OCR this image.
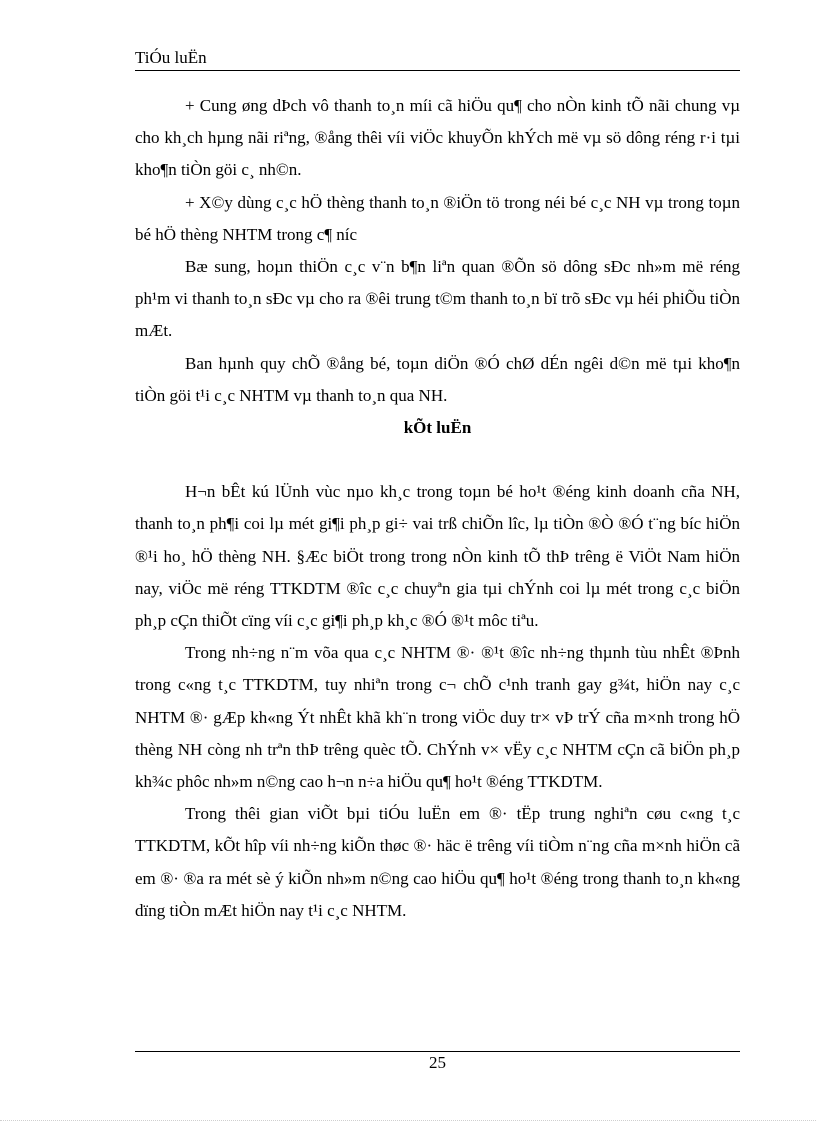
TiÓu luËn

+ Cung øng dÞch vô thanh to¸n míi cã hiÖu qu¶ cho nÒn kinh tÕ nãi chung vµ cho kh¸ch hµng nãi riªng, ®ång thêi víi viÖc khuyÕn khÝch më vµ sö dông réng r·i tµi kho¶n tiÒn göi c¸ nh©n.

+ X©y dùng c¸c hÖ thèng thanh to¸n ®iÖn tö trong néi bé c¸c NH vµ trong toµn bé hÖ thèng NHTM trong c¶ níc

Bæ sung, hoµn thiÖn c¸c v¨n b¶n liªn quan ®Õn sö dông sÐc nh»m më réng ph¹m vi thanh to¸n sÐc vµ cho ra ®êi trung t©m thanh to¸n bï trõ sÐc vµ héi phiÕu tiÒn mÆt.

Ban hµnh quy chÕ ®ång bé, toµn diÖn ®Ó chØ dÉn ngêi d©n më tµi kho¶n tiÒn göi t¹i c¸c NHTM vµ thanh to¸n qua NH.

kÕt luËn

H¬n bÊt kú lÜnh vùc nµo kh¸c trong toµn bé ho¹t ®éng kinh doanh cña NH, thanh to¸n ph¶i coi lµ mét gi¶i ph¸p gi÷ vai trß chiÕn lîc, lµ tiÒn ®Ò ®Ó t¨ng bíc hiÖn ®¹i ho¸ hÖ thèng NH. §Æc biÖt trong trong nÒn kinh tÕ thÞ trêng ë ViÖt Nam hiÖn nay, viÖc më réng TTKDTM ®îc c¸c chuyªn gia tµi chÝnh coi lµ mét trong c¸c biÖn ph¸p cÇn thiÕt cïng víi c¸c gi¶i ph¸p kh¸c ®Ó ®¹t môc tiªu.

Trong nh÷ng n¨m võa qua c¸c NHTM ®· ®¹t ®îc nh÷ng thµnh tùu nhÊt ®Þnh trong c«ng t¸c TTKDTM, tuy nhiªn trong c¬ chÕ c¹nh tranh gay g¾t, hiÖn nay c¸c NHTM ®· gÆp kh«ng Ýt nhÊt khã kh¨n trong viÖc duy tr× vÞ trÝ cña m×nh trong hÖ thèng NH còng nh trªn thÞ trêng quèc tÕ. ChÝnh v× vËy c¸c NHTM cÇn cã biÖn ph¸p kh¾c phôc nh»m n©ng cao h¬n n÷a hiÖu qu¶ ho¹t ®éng TTKDTM.

Trong thêi gian viÕt bµi tiÓu luËn em ®· tËp trung nghiªn cøu c«ng t¸c TTKDTM, kÕt hîp víi nh÷ng kiÕn thøc ®· häc ë trêng víi tiÒm n¨ng cña m×nh hiÖn cã em ®· ®a ra mét sè ý kiÕn nh»m n©ng cao hiÖu qu¶ ho¹t ®éng trong thanh to¸n kh«ng dïng tiÒn mÆt hiÖn nay t¹i c¸c NHTM.

25
